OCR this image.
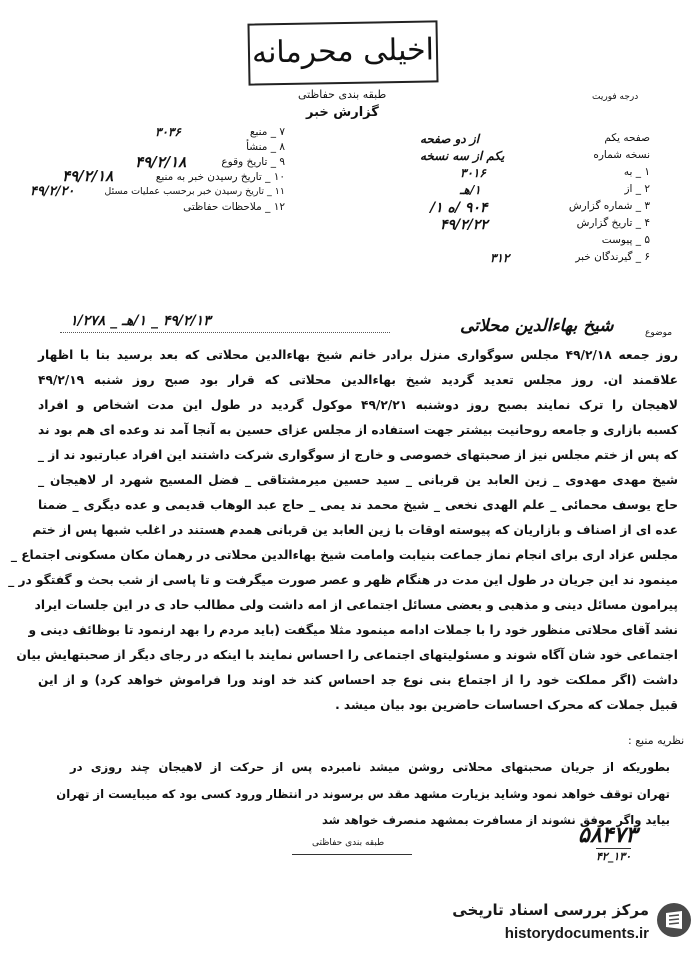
اخیلی محرمانه
طبقه بندی حفاظتی
گزارش خبر
درجه فوریت
۷ _ منبع
۳۰۳۶
۸ _ منشأ
۹ _ تاریخ وقوع
۴۹/۲/۱۸
۱۰ _ تاریخ رسیدن خبر به منبع
۴۹/۲/۱۸
۱۱ _ تاریخ رسیدن خبر برحسب عملیات مسئل
۴۹/۲/۲۰
۱۲ _ ملاحظات حفاظتی
صفحه یکم
از دو صفحه
نسخه شماره
یکم از سه نسخه
۱ _ به
۳۰۱۶
۲ _ از
۱/هـ
۳ _ شماره گزارش
۹۰۴ /ه ۱/
۴ _ تاریخ گزارش
۴۹/۲/۲۲
۵ _ پیوست
۶ _ گیرندگان خبر
۳۱۲
۴۹/۲/۱۳ _ ۱/هـ _ ۱/۲۷۸
موضوع
شیخ بهاءالدین محلاتی
روز جمعه ۴۹/۲/۱۸ مجلس سوگواری منزل برادر خانم شیخ بهاءالدین محلاتی که بعد برسید بنا با اظهار
علاقمند ان. روز مجلس تعدید گردید شیخ بهاءالدین محلاتی که قرار بود صبح روز شنبه ۴۹/۲/۱۹
لاهیجان را ترک نمایند بصبح روز دوشنبه ۴۹/۲/۲۱ موکول گردید در طول این مدت اشخاص و افراد
کسبه بازاری و جامعه روحانیت بیشتر جهت استفاده از مجلس عزای حسین به آنجا آمد ند وعده ای هم بود ند
که پس از ختم مجلس نیز از صحبتهای خصوصی و خارج از سوگواری شرکت داشتند این افراد عبارتبود ند از _
شیخ مهدی مهدوی _ زین العابد ین قربانی _ سید حسین میرمشتاقی _ فضل المسیح شهرد ار لاهیجان _
حاج یوسف محمائی _ علم الهدی نخعی _ شیخ محمد ند یمی _ حاج عبد الوهاب قدیمی و عده دیگری _ ضمنا
عده ای از اصناف و بازاریان که پیوسته اوقات با زین العابد ین قربانی همدم هستند در اغلب شبها پس از ختم
مجلس عزاد اری برای انجام نماز جماعت بنیابت وامامت شیخ بهاءالدین محلاتی در رهمان مکان مسکونی اجتماع _
مینمود ند این جریان در طول این مدت در هنگام ظهر و عصر صورت میگرفت و تا پاسی از شب بحث و گفتگو در _
پیرامون مسائل دینی و مذهبی و بعضی مسائل اجتماعی از امه داشت ولی مطالب حاد ی در این جلسات ایراد
نشد آقای محلاتی منظور خود را با جملات ادامه مینمود مثلا میگفت (باید مردم را بهد ارنمود تا بوظائف دینی و
اجتماعی خود شان آگاه شوند و مسئولیتهای اجتماعی را احساس نمایند با اینکه در رجای دیگر از صحبتهایش بیان
داشت (اگر مملکت خود را از اجتماع بنی نوع جد احساس کند خد اوند ورا فراموش خواهد کرد) و از این
قبیل جملات که محرک احساسات حاضرین بود بیان میشد .
نظریه منبع :
بطوریکه از جریان صحبتهای محلاتی روشن میشد نامبرده پس از حرکت از لاهیجان چند روزی در
تهران توقف خواهد نمود وشاید بزیارت مشهد مقد س برسوند در انتظار ورود کسی بود که میبایست از تهران
بیاید واگر موفق نشوند از مسافرت بمشهد منصرف خواهد شد
طبقه بندی حفاظتی	۵۸۴۷۳
۴۲_۱۳۰
مرکز بررسی اسناد تاریخی
historydocuments.ir
